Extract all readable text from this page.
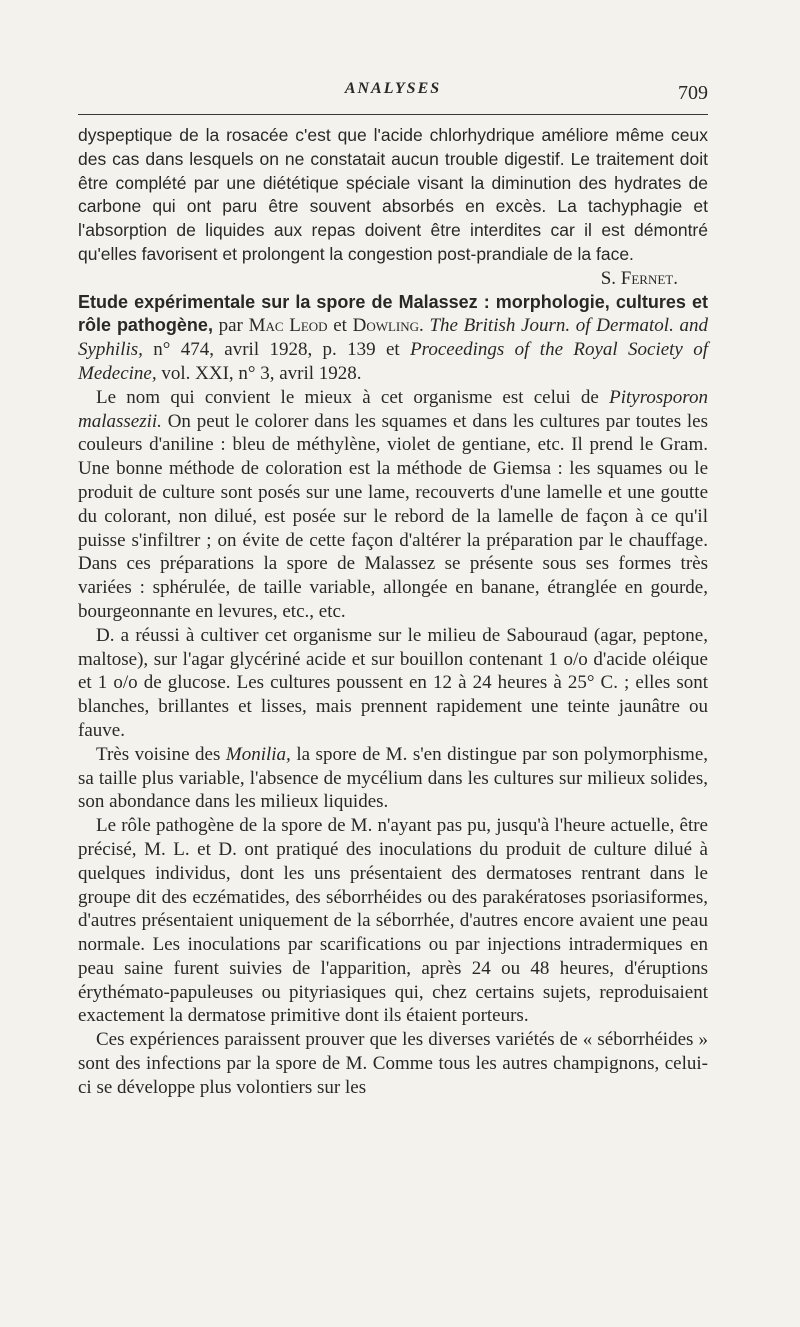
ANALYSES	709

dyspeptique de la rosacée c'est que l'acide chlorhydrique améliore même ceux des cas dans lesquels on ne constatait aucun trouble digestif. Le traitement doit être complété par une diététique spéciale visant la diminution des hydrates de carbone qui ont paru être souvent absorbés en excès. La tachyphagie et l'absorption de liquides aux repas doivent être interdites car il est démontré qu'elles favorisent et prolongent la congestion post-prandiale de la face.

S. Fernet.

Etude expérimentale sur la spore de Malassez : morphologie, cultures et rôle pathogène, par Mac Leod et Dowling. The British Journ. of Dermatol. and Syphilis, n° 474, avril 1928, p. 139 et Proceedings of the Royal Society of Medecine, vol. XXI, n° 3, avril 1928.

Le nom qui convient le mieux à cet organisme est celui de Pityrosporon malassezii. On peut le colorer dans les squames et dans les cultures par toutes les couleurs d'aniline : bleu de méthylène, violet de gentiane, etc. Il prend le Gram. Une bonne méthode de coloration est la méthode de Giemsa : les squames ou le produit de culture sont posés sur une lame, recouverts d'une lamelle et une goutte du colorant, non dilué, est posée sur le rebord de la lamelle de façon à ce qu'il puisse s'infiltrer ; on évite de cette façon d'altérer la préparation par le chauffage. Dans ces préparations la spore de Malassez se présente sous ses formes très variées : sphérulée, de taille variable, allongée en banane, étranglée en gourde, bourgeonnante en levures, etc., etc.

D. a réussi à cultiver cet organisme sur le milieu de Sabouraud (agar, peptone, maltose), sur l'agar glycériné acide et sur bouillon contenant 1 o/o d'acide oléique et 1 o/o de glucose. Les cultures poussent en 12 à 24 heures à 25° C. ; elles sont blanches, brillantes et lisses, mais prennent rapidement une teinte jaunâtre ou fauve.

Très voisine des Monilia, la spore de M. s'en distingue par son polymorphisme, sa taille plus variable, l'absence de mycélium dans les cultures sur milieux solides, son abondance dans les milieux liquides.

Le rôle pathogène de la spore de M. n'ayant pas pu, jusqu'à l'heure actuelle, être précisé, M. L. et D. ont pratiqué des inoculations du produit de culture dilué à quelques individus, dont les uns présentaient des dermatoses rentrant dans le groupe dit des eczématides, des séborrhéides ou des parakératoses psoriasiformes, d'autres présentaient uniquement de la séborrhée, d'autres encore avaient une peau normale. Les inoculations par scarifications ou par injections intradermiques en peau saine furent suivies de l'apparition, après 24 ou 48 heures, d'éruptions érythémato-papuleuses ou pityriasiques qui, chez certains sujets, reproduisaient exactement la dermatose primitive dont ils étaient porteurs.

Ces expériences paraissent prouver que les diverses variétés de « séborrhéides » sont des infections par la spore de M. Comme tous les autres champignons, celui-ci se développe plus volontiers sur les
